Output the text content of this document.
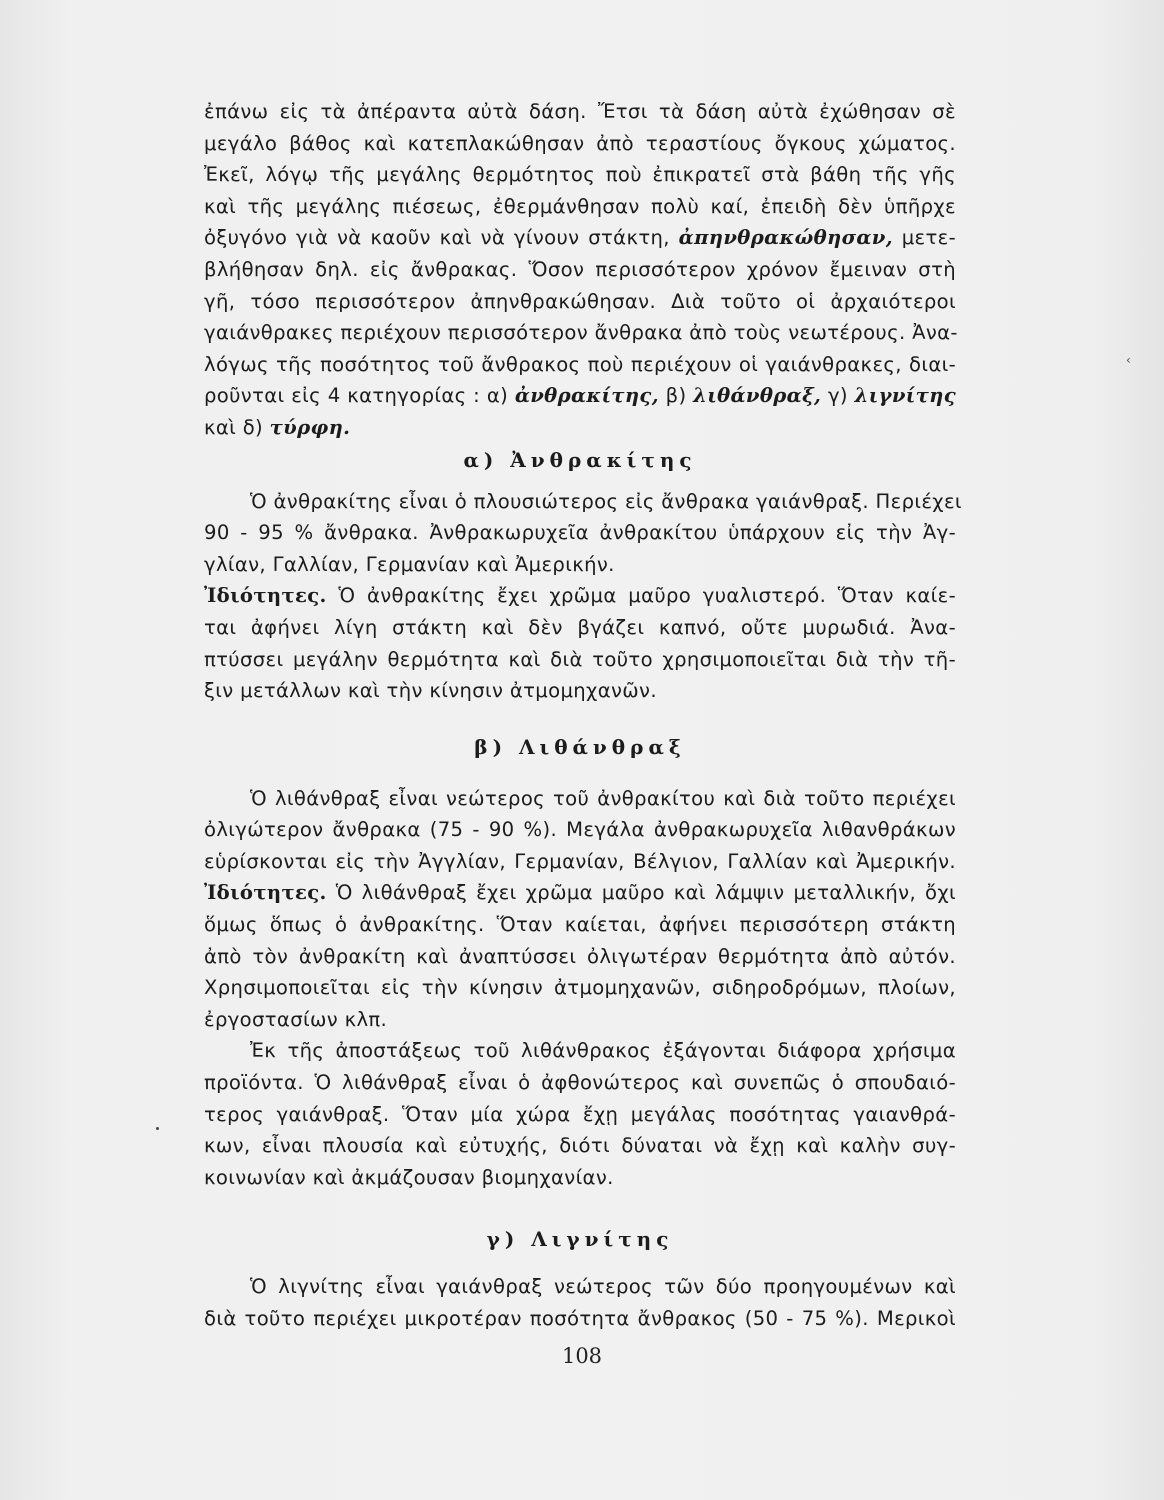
ἐπάνω εἰς τὰ ἀπέραντα αὐτὰ δάση. Ἔτσι τὰ δάση αὐτὰ ἐχώθησαν σὲ

μεγάλο βάθος καὶ κατεπλακώθησαν ἀπὸ τεραστίους ὄγκους χώματος.

Ἐκεῖ, λόγῳ τῆς μεγάλης θερμότητος ποὺ ἐπικρατεῖ στὰ βάθη τῆς γῆς

καὶ τῆς μεγάλης πιέσεως, ἐθερμάνθησαν πολὺ καί, ἐπειδὴ δὲν ὑπῆρχε

ὀξυγόνο γιὰ νὰ καοῦν καὶ νὰ γίνουν στάκτη, ἀπηνθρακώθησαν, μετε-

βλήθησαν δηλ. εἰς ἄνθρακας. Ὅσον περισσότερον χρόνον ἔμειναν στὴ

γῆ, τόσο περισσότερον ἀπηνθρακώθησαν. Διὰ τοῦτο οἱ ἀρχαιότεροι

γαιάνθρακες περιέχουν περισσότερον ἄνθρακα ἀπὸ τοὺς νεωτέρους. Ἀνα-

λόγως τῆς ποσότητος τοῦ ἄνθρακος ποὺ περιέχουν οἱ γαιάνθρακες, διαι-

ροῦνται εἰς 4 κατηγορίας : α) ἀνθρακίτης, β) λιθάνθραξ, γ) λιγνίτης

καὶ δ) τύρφη.

α) Ἀνθρακίτης

Ὁ ἀνθρακίτης εἶναι ὁ πλουσιώτερος εἰς ἄνθρακα γαιάνθραξ. Περιέχει

90 - 95 % ἄνθρακα. Ἀνθρακωρυχεῖα ἀνθρακίτου ὑπάρχουν εἰς τὴν Ἀγ-

γλίαν, Γαλλίαν, Γερμανίαν καὶ Ἀμερικήν.

Ἰδιότητες. Ὁ ἀνθρακίτης ἔχει χρῶμα μαῦρο γυαλιστερό. Ὅταν καίε-

ται ἀφήνει λίγη στάκτη καὶ δὲν βγάζει καπνό, οὔτε μυρωδιά. Ἀνα-

πτύσσει μεγάλην θερμότητα καὶ διὰ τοῦτο χρησιμοποιεῖται διὰ τὴν τῆ-

ξιν μετάλλων καὶ τὴν κίνησιν ἀτμομηχανῶν.

β) Λιθάνθραξ

Ὁ λιθάνθραξ εἶναι νεώτερος τοῦ ἀνθρακίτου καὶ διὰ τοῦτο περιέχει

ὀλιγώτερον ἄνθρακα (75 - 90 %). Μεγάλα ἀνθρακωρυχεῖα λιθανθράκων

εὑρίσκονται εἰς τὴν Ἀγγλίαν, Γερμανίαν, Βέλγιον, Γαλλίαν καὶ Ἀμερικήν.

Ἰδιότητες. Ὁ λιθάνθραξ ἔχει χρῶμα μαῦρο καὶ λάμψιν μεταλλικήν, ὄχι

ὅμως ὅπως ὁ ἀνθρακίτης. Ὅταν καίεται, ἀφήνει περισσότερη στάκτη

ἀπὸ τὸν ἀνθρακίτη καὶ ἀναπτύσσει ὀλιγωτέραν θερμότητα ἀπὸ αὐτόν.

Χρησιμοποιεῖται εἰς τὴν κίνησιν ἀτμομηχανῶν, σιδηροδρόμων, πλοίων,

ἐργοστασίων κλπ.

Ἐκ τῆς ἀποστάξεως τοῦ λιθάνθρακος ἐξάγονται διάφορα χρήσιμα

προϊόντα. Ὁ λιθάνθραξ εἶναι ὁ ἀφθονώτερος καὶ συνεπῶς ὁ σπουδαιό-

τερος γαιάνθραξ. Ὅταν μία χώρα ἔχῃ μεγάλας ποσότητας γαιανθρά-

κων, εἶναι πλουσία καὶ εὐτυχής, διότι δύναται νὰ ἔχῃ καὶ καλὴν συγ-

κοινωνίαν καὶ ἀκμάζουσαν βιομηχανίαν.

γ) Λιγνίτης

Ὁ λιγνίτης εἶναι γαιάνθραξ νεώτερος τῶν δύο προηγουμένων καὶ

διὰ τοῦτο περιέχει μικροτέραν ποσότητα ἄνθρακος (50 - 75 %). Μερικοὶ

108
‹
